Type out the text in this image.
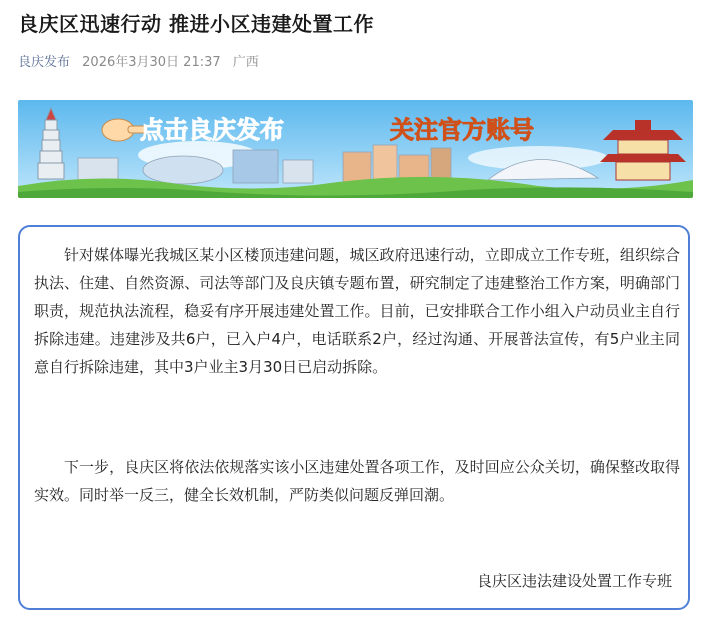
良庆区迅速行动 推进小区违建处置工作
良庆发布 2026年3月30日 21:37 广西
点击良庆发布	关注官方账号
针对媒体曝光我城区某小区楼顶违建问题，城区政府迅速行动，立即成立工作专班，组织综合执法、住建、自然资源、司法等部门及良庆镇专题布置，研究制定了违建整治工作方案，明确部门职责，规范执法流程，稳妥有序开展违建处置工作。目前，已安排联合工作小组入户动员业主自行拆除违建。违建涉及共6户，已入户4户，电话联系2户，经过沟通、开展普法宣传，有5户业主同意自行拆除违建，其中3户业主3月30日已启动拆除。
下一步，良庆区将依法依规落实该小区违建处置各项工作，及时回应公众关切，确保整改取得实效。同时举一反三，健全长效机制，严防类似问题反弹回潮。
良庆区违法建设处置工作专班
